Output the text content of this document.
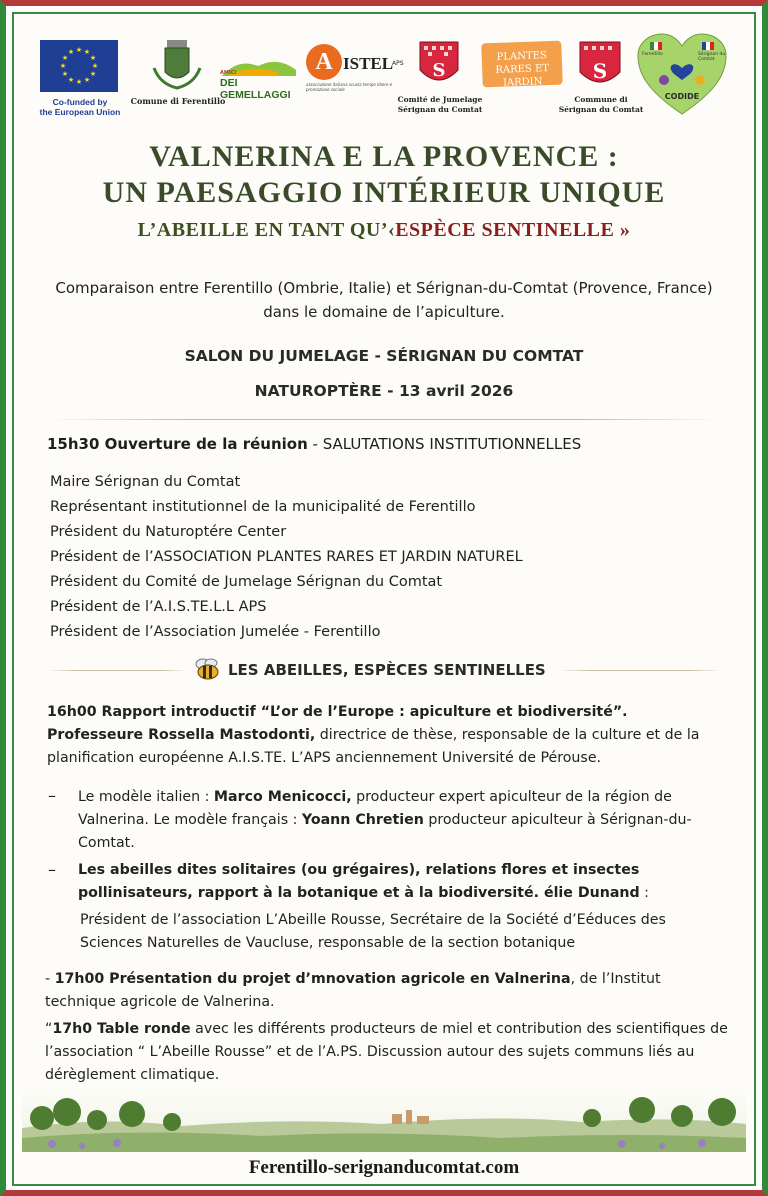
★ ★
★
★
★
★
★
★
★
★
★
★
Co-funded by
the European Union
Comune di Ferentillo
AMICI
DEI GEMELLAGGI
A ISTEL
APS
associazione italiana scuola tempo libero e promozione sociale
S
Comité de Jumelage
Sérignan du Comtat
PLANTES RARES ET
JARDIN NATUREL
S
Commune di
Sérignan du Comtat
Ferentillo	Sérignan du Comtat
CODIDE
VALNERINA E LA PROVENCE :
UN PAESAGGIO INTÉRIEUR UNIQUE
L’ABEILLE EN TANT QU’‹ESPÈCE SENTINELLE »
Comparaison entre Ferentillo (Ombrie, Italie) et Sérignan-du-Comtat (Provence, France) dans le domaine de l’apiculture.
SALON DU JUMELAGE - SÉRIGNAN DU COMTAT
NATUROPTÈRE - 13 avril 2026
15h30 Ouverture de la réunion - SALUTATIONS INSTITUTIONNELLES
Maire Sérignan du Comtat
Représentant institutionnel de la municipalité de Ferentillo
Président du Naturoptére Center
Président de l’ASSOCIATION PLANTES RARES ET JARDIN NATUREL
Président du Comité de Jumelage Sérignan du Comtat
Président de l’A.I.S.TE.L.L APS
Président de l’Association Jumelée - Ferentillo
LES ABEILLES, ESPÈCES SENTINELLES
16h00 Rapport introductif “L’or de l’Europe : apiculture et biodiversité”. Professeure Rossella Mastodonti, directrice de thèse, responsable de la culture et de la planification européenne A.I.S.TE. L’APS anciennement Université de Pérouse.
– Le modèle italien : Marco Menicocci, producteur expert apiculteur de la région de Valnerina. Le modèle français : Yoann Chretien producteur apiculteur à Sérignan-du-Comtat.
– Les abeilles dites solitaires (ou grégaires), relations flores et insectes pollinisateurs, rapport à la botanique et à la biodiversité. élie Dunand :
Président de l’association L’Abeille Rousse, Secrétaire de la Société d’Eéduces des Sciences Naturelles de Vaucluse, responsable de la section botanique
- 17h00 Présentation du projet d’mnovation agricole en Valnerina, de l’Institut technique agricole de Valnerina.
“17h0 Table ronde avec les différents producteurs de miel et contribution des scientifiques de l’association “ L’Abeille Rousse” et de l’A.PS. Discussion autour des sujets communs liés au dérèglement climatique.
Ferentillo-serignanducomtat.com
